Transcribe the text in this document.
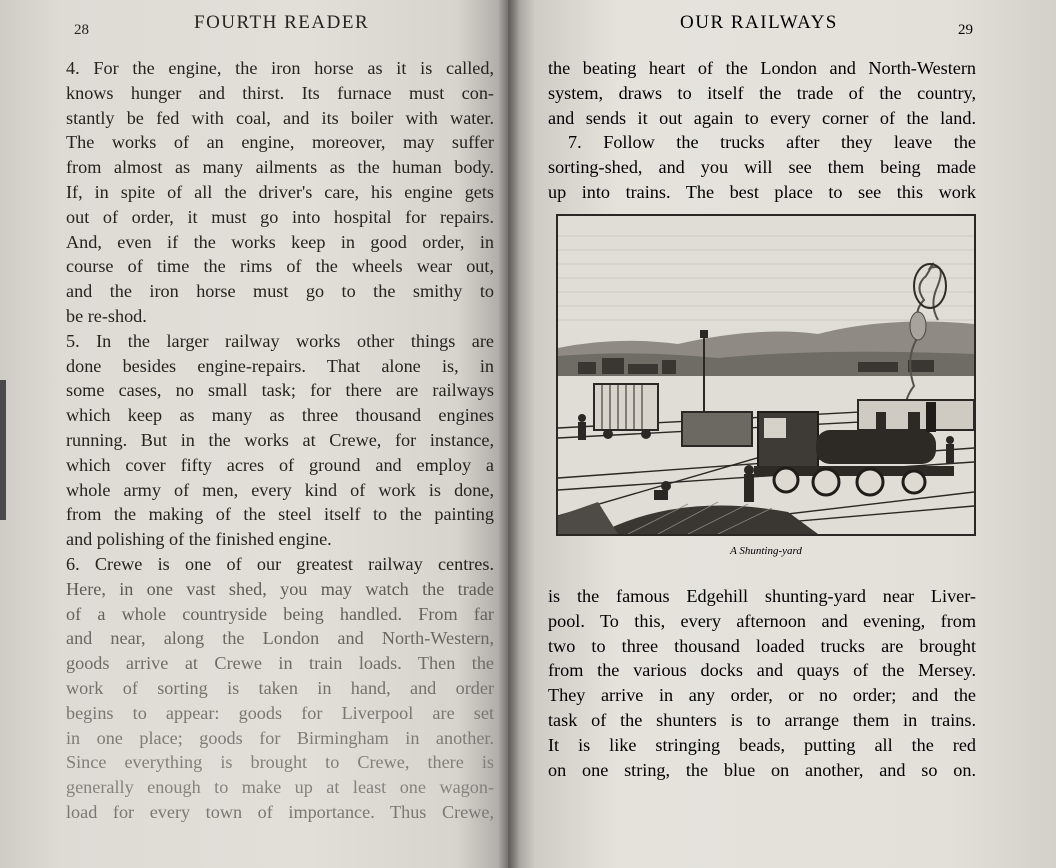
28	FOURTH READER
4. For the engine, the iron horse as it is called,
knows hunger and thirst. Its furnace must con-
stantly be fed with coal, and its boiler with water.
The works of an engine, moreover, may suffer
from almost as many ailments as the human body.
If, in spite of all the driver's care, his engine gets
out of order, it must go into hospital for repairs.
And, even if the works keep in good order, in
course of time the rims of the wheels wear out,
and the iron horse must go to the smithy to
be re-shod.
5. In the larger railway works other things are
done besides engine-repairs. That alone is, in
some cases, no small task; for there are railways
which keep as many as three thousand engines
running. But in the works at Crewe, for instance,
which cover fifty acres of ground and employ a
whole army of men, every kind of work is done,
from the making of the steel itself to the painting
and polishing of the finished engine.
6. Crewe is one of our greatest railway centres.
Here, in one vast shed, you may watch the trade
of a whole countryside being handled. From far
and near, along the London and North-Western,
goods arrive at Crewe in train loads. Then the
work of sorting is taken in hand, and order
begins to appear: goods for Liverpool are set
in one place; goods for Birmingham in another.
Since everything is brought to Crewe, there is
generally enough to make up at least one wagon-
load for every town of importance. Thus Crewe,
OUR RAILWAYS	29
the beating heart of the London and North-Western
system, draws to itself the trade of the country,
and sends it out again to every corner of the land.
7. Follow the trucks after they leave the
sorting-shed, and you will see them being made
up into trains. The best place to see this work
A Shunting-yard
is the famous Edgehill shunting-yard near Liver-
pool. To this, every afternoon and evening, from
two to three thousand loaded trucks are brought
from the various docks and quays of the Mersey.
They arrive in any order, or no order; and the
task of the shunters is to arrange them in trains.
It is like stringing beads, putting all the red
on one string, the blue on another, and so on.
